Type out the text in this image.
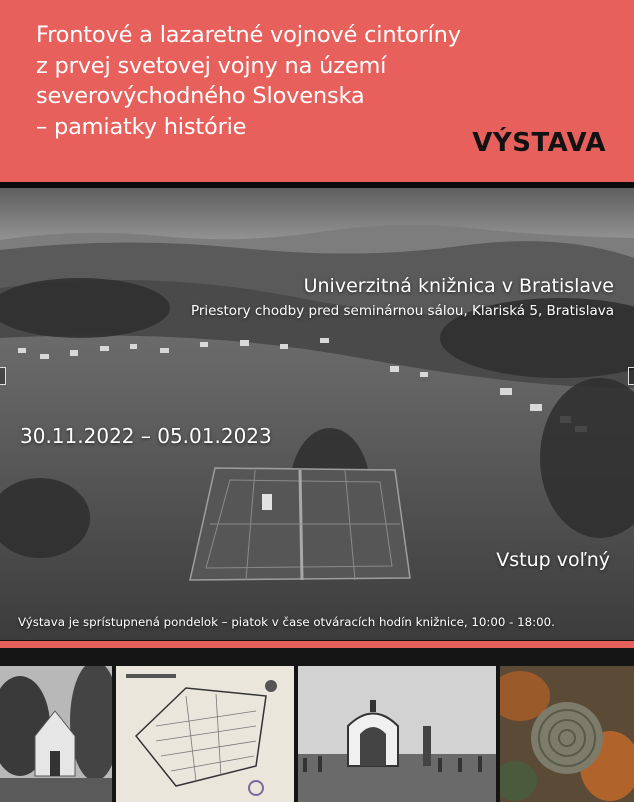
Frontové a lazaretné vojnové cintoríny
z prvej svetovej vojny na území
severovýchodného Slovenska
– pamiatky histórie
VÝSTAVA
Univerzitná knižnica v Bratislave
Priestory chodby pred seminárnou sálou, Klariská 5, Bratislava
30.11.2022 – 05.01.2023
Vstup voľný
Výstava je sprístupnená pondelok – piatok v čase otváracích hodín knižnice, 10:00 - 18:00.
